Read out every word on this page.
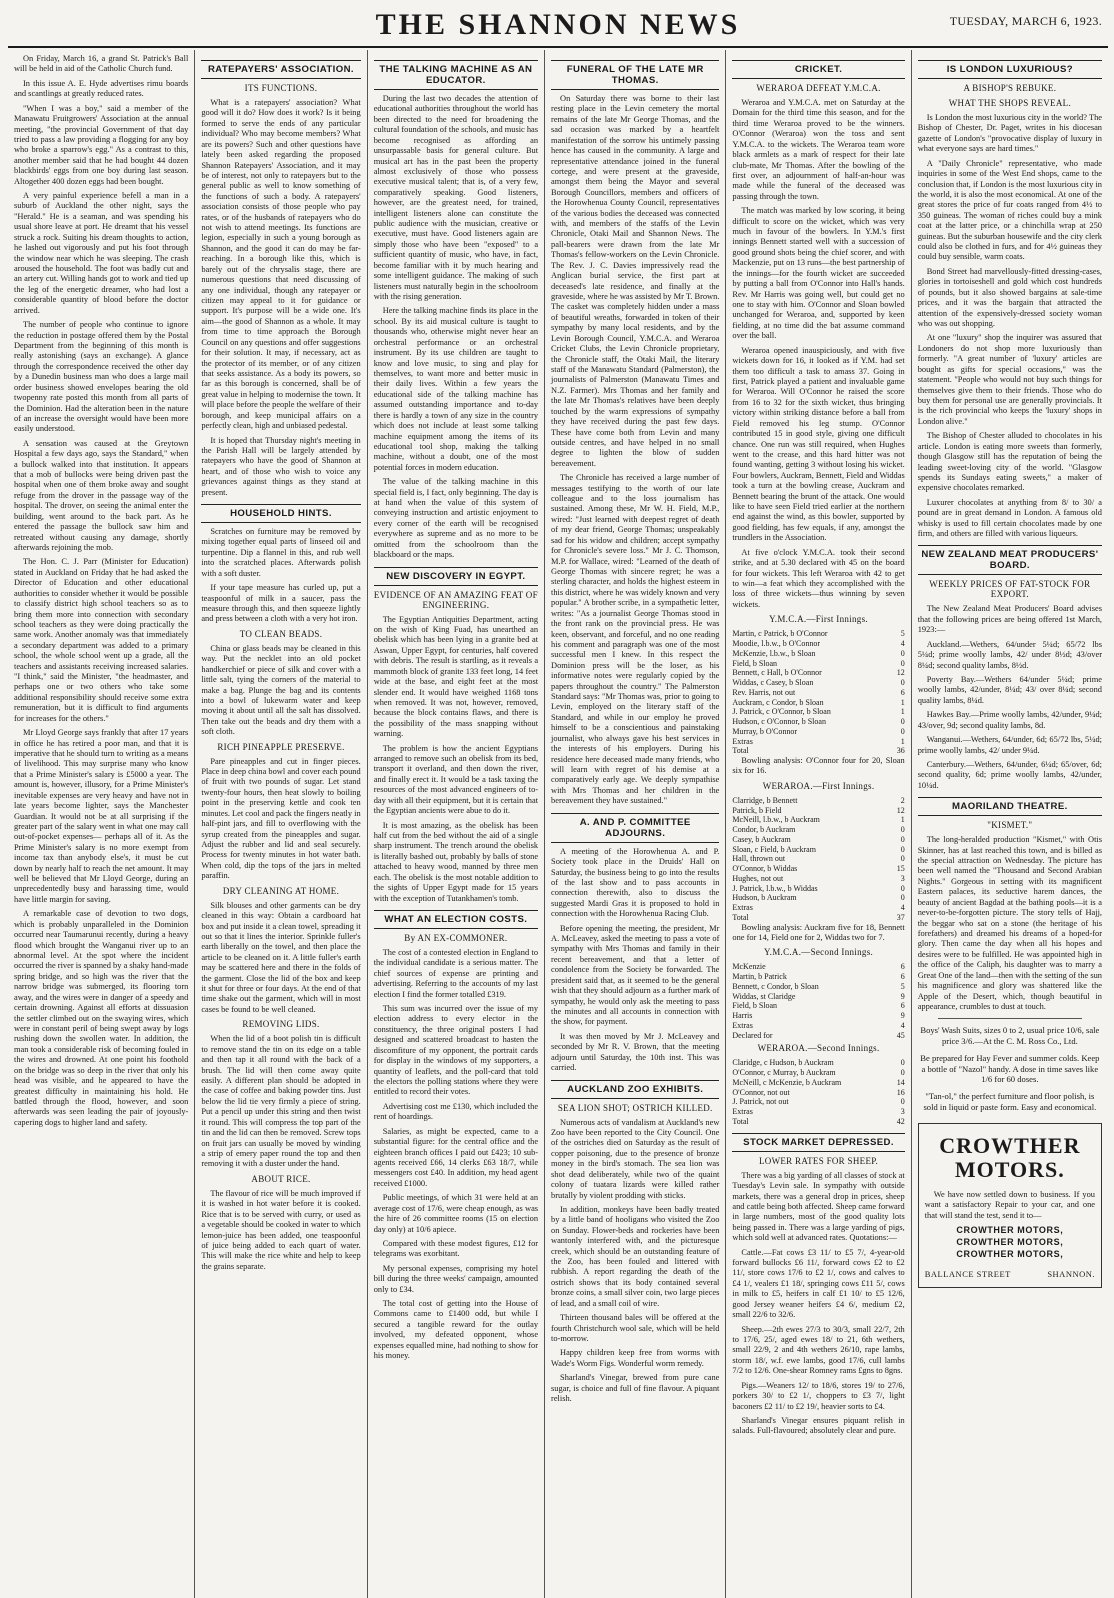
THE SHANNON NEWS	TUESDAY, MARCH 6, 1923.

On Friday, March 16, a grand St. Patrick's Ball will be held in aid of the Catholic Church fund.

In this issue A. E. Hyde advertises rimu boards and scantlings at greatly reduced rates.

"When I was a boy," said a member of the Manawatu Fruitgrowers' Association at the annual meeting, "the provincial Government of that day tried to pass a law providing a flogging for any boy who broke a sparrow's egg." As a contrast to this, another member said that he had bought 44 dozen blackbirds' eggs from one boy during last season. Altogether 400 dozen eggs had been bought.

A very painful experience befell a man in a suburb of Auckland the other night, says the "Herald." He is a seaman, and was spending his usual shore leave at port. He dreamt that his vessel struck a rock. Suiting his dream thoughts to action, he lashed out vigorously and put his foot through the window near which he was sleeping. The crash aroused the household. The foot was badly cut and an artery cut. Willing hands got to work and tied up the leg of the energetic dreamer, who had lost a considerable quantity of blood before the doctor arrived.

The number of people who continue to ignore the reduction in postage offered them by the Postal Department from the beginning of this month is really astonishing (says an exchange). A glance through the correspondence received the other day by a Dunedin business man who does a large mail order business showed envelopes bearing the old twopenny rate posted this month from all parts of the Dominion. Had the alteration been in the nature of an increase the oversight would have been more easily understood.

A sensation was caused at the Greytown Hospital a few days ago, says the Standard," when a bullock walked into that institution. It appears that a mob of bullocks were being driven past the hospital when one of them broke away and sought refuge from the drover in the passage way of the hospital. The drover, on seeing the animal enter the building, went around to the back part. As he entered the passage the bullock saw him and retreated without causing any damage, shortly afterwards rejoining the mob.

The Hon. C. J. Parr (Minister for Education) stated in Auckland on Friday that he had asked the Director of Education and other educational authorities to consider whether it would be possible to classify district high school teachers so as to bring them more into connection with secondary school teachers as they were doing practically the same work. Another anomaly was that immediately a secondary department was added to a primary school, the whole school went up a grade, all the teachers and assistants receiving increased salaries. "I think," said the Minister, "the headmaster, and perhaps one or two others who take some additional responsibility should receive some extra remuneration, but it is difficult to find arguments for increases for the others."

Mr Lloyd George says frankly that after 17 years in office he has retired a poor man, and that it is imperative that he should turn to writing as a means of livelihood. This may surprise many who know that a Prime Minister's salary is £5000 a year. The amount is, however, illusory, for a Prime Minister's inevitable expenses are very heavy and have not in late years become lighter, says the Manchester Guardian. It would not be at all surprising if the greater part of the salary went in what one may call out-of-pocket expenses— perhaps all of it. As the Prime Minister's salary is no more exempt from income tax than anybody else's, it must be cut down by nearly half to reach the net amount. It may well be believed that Mr Lloyd George, during an unprecedentedly busy and harassing time, would have little margin for saving.

A remarkable case of devotion to two dogs, which is probably unparalleled in the Dominion occurred near Taumarunui recently, during a heavy flood which brought the Wanganui river up to an abnormal level. At the spot where the incident occurred the river is spanned by a shaky hand-made spring bridge, and so high was the river that the narrow bridge was submerged, its flooring torn away, and the wires were in danger of a speedy and certain drowning. Against all efforts at dissuasion the settler climbed out on the swaying wires, which were in constant peril of being swept away by logs rushing down the swollen water. In addition, the man took a considerable risk of becoming fouled in the wires and drowned. At one point his foothold on the bridge was so deep in the river that only his head was visible, and he appeared to have the greatest difficulty in maintaining his hold. He battled through the flood, however, and soon afterwards was seen leading the pair of joyously-capering dogs to higher land and safety.

RATEPAYERS' ASSOCIATION.
ITS FUNCTIONS.

What is a ratepayers' association? What good will it do? How does it work? Is it being formed to serve the ends of any particular individual? Who may become members? What are its powers? Such and other questions have lately been asked regarding the proposed Shannon Ratepayers' Association, and it may be of interest, not only to ratepayers but to the general public as well to know something of the functions of such a body. A ratepayers' association consists of those people who pay rates, or of the husbands of ratepayers who do not wish to attend meetings. Its functions are legion, especially in such a young borough as Shannon, and the good it can do may be far-reaching. In a borough like this, which is barely out of the chrysalis stage, there are numerous questions that need discussing of any one individual, though any ratepayer or citizen may appeal to it for guidance or support. It's purpose will be a wide one. It's aim—the good of Shannon as a whole. It may from time to time approach the Borough Council on any questions and offer suggestions for their solution. It may, if necessary, act as the protector of its member, or of any citizen that seeks assistance. As a body its powers, so far as this borough is concerned, shall be of great value in helping to modernise the town. It will place before the people the welfare of their borough, and keep municipal affairs on a perfectly clean, high and unbiased pedestal.

It is hoped that Thursday night's meeting in the Parish Hall will be largely attended by ratepayers who have the good of Shannon at heart, and of those who wish to voice any grievances against things as they stand at present.

HOUSEHOLD HINTS.

Scratches on furniture may be removed by mixing together equal parts of linseed oil and turpentine. Dip a flannel in this, and rub well into the scratched places. Afterwards polish with a soft duster.

If your tape measure has curled up, put a teaspoonful of milk in a saucer, pass the measure through this, and then squeeze lightly and press between a cloth with a very hot iron.

TO CLEAN BEADS.

China or glass beads may be cleaned in this way. Put the necklet into an old pocket handkerchief or piece of silk and cover with a little salt, tying the corners of the material to make a bag. Plunge the bag and its contents into a bowl of lukewarm water and keep moving it about until all the salt has dissolved. Then take out the beads and dry them with a soft cloth.

RICH PINEAPPLE PRESERVE.

Pare pineapples and cut in finger pieces. Place in deep china bowl and cover each pound of fruit with two pounds of sugar. Let stand twenty-four hours, then heat slowly to boiling point in the preserving kettle and cook ten minutes. Let cool and pack the fingers neatly in half-pint jars, and fill to overflowing with the syrup created from the pineapples and sugar. Adjust the rubber and lid and seal securely. Process for twenty minutes in hot water bath. When cold, dip the tops of the jars in melted paraffin.

DRY CLEANING AT HOME.

Silk blouses and other garments can be dry cleaned in this way: Obtain a cardboard hat box and put inside it a clean towel, spreading it out so that it lines the interior. Sprinkle fuller's earth liberally on the towel, and then place the article to be cleaned on it. A little fuller's earth may be scattered here and there in the folds of the garment. Close the lid of the box and keep it shut for three or four days. At the end of that time shake out the garment, which will in most cases be found to be well cleaned.

REMOVING LIDS.

When the lid of a boot polish tin is difficult to remove stand the tin on its edge on a table and then tap it all round with the back of a brush. The lid will then come away quite easily. A different plan should be adopted in the case of coffee and baking powder tins. Just below the lid tie very firmly a piece of string. Put a pencil up under this string and then twist it round. This will compress the top part of the tin and the lid can then be removed. Screw tops on fruit jars can usually be moved by winding a strip of emery paper round the top and then removing it with a duster under the hand.

ABOUT RICE.

The flavour of rice will be much improved if it is washed in hot water before it is cooked. Rice that is to be served with curry, or used as a vegetable should be cooked in water to which lemon-juice has been added, one teaspoonful of juice being added to each quart of water. This will make the rice white and help to keep the grains separate.

THE TALKING MACHINE AS AN EDUCATOR.

During the last two decades the attention of educational authorities throughout the world has been directed to the need for broadening the cultural foundation of the schools, and music has become recognised as affording an unsurpassable basis for general culture. But musical art has in the past been the property almost exclusively of those who possess executive musical talent; that is, of a very few, comparatively speaking. Good listeners, however, are the greatest need, for trained, intelligent listeners alone can constitute the public audience with the musician, creative or executive, must have. Good listeners again are simply those who have been "exposed" to a sufficient quantity of music, who have, in fact, become familiar with it by much hearing and some intelligent guidance. The making of such listeners must naturally begin in the schoolroom with the rising generation.

Here the talking machine finds its place in the school. By its aid musical culture is taught to thousands who, otherwise might never hear an orchestral performance or an orchestral instrument. By its use children are taught to know and love music, to sing and play for themselves, to want more and better music in their daily lives. Within a few years the educational side of the talking machine has assumed outstanding importance and to-day there is hardly a town of any size in the country which does not include at least some talking machine equipment among the items of its educational tool shop, making the talking machine, without a doubt, one of the most potential forces in modern education.

The value of the talking machine in this special field is, I fact, only beginning. The day is at hand when the value of this system of conveying instruction and artistic enjoyment to every corner of the earth will be recognised everywhere as supreme and as no more to be omitted from the schoolroom than the blackboard or the maps.

NEW DISCOVERY IN EGYPT.
EVIDENCE OF AN AMAZING FEAT OF ENGINEERING.

The Egyptian Antiquities Department, acting on the wish of King Fuad, has unearthed an obelisk which has been lying in a granite bed at Aswan, Upper Egypt, for centuries, half covered with debris. The result is startling, as it reveals a mammoth block of granite 133 feet long, 14 feet wide at the base, and eight feet at the most slender end. It would have weighed 1168 tons when removed. It was not, however, removed, because the block contains flaws, and there is the possibility of the mass snapping without warning.

The problem is how the ancient Egyptians arranged to remove such an obelisk from its bed, transport it overland, and then down the river, and finally erect it. It would be a task taxing the resources of the most advanced engineers of to-day with all their equipment, but it is certain that the Egyptian ancients were abue to do it.

It is most amazing, as the obelisk has been half cut from the bed without the aid of a single sharp instrument. The trench around the obelisk is literally bashed out, probably by balls of stone attached to heavy wood, manned by three men each. The obelisk is the most notable addition to the sights of Upper Egypt made for 15 years with the exception of Tutankhamen's tomb.

WHAT AN ELECTION COSTS.
By AN EX-COMMONER.

The cost of a contested election in England to the individual candidate is a serious matter. The chief sources of expense are printing and advertising. Referring to the accounts of my last election I find the former totalled £319.

This sum was incurred over the issue of my election address to every elector in the constituency, the three original posters I had designed and scattered broadcast to hasten the discomfiture of my opponent, the portrait cards for display in the windows of my supporters, a quantity of leaflets, and the poll-card that told the electors the polling stations where they were entitled to record their votes.

Advertising cost me £130, which included the rent of hoardings.

Salaries, as might be expected, came to a substantial figure: for the central office and the eighteen branch offices I paid out £423; 10 sub-agents received £66, 14 clerks £63 18/7, while messengers cost £40. In addition, my head agent received £1000.

Public meetings, of which 31 were held at an average cost of 17/6, were cheap enough, as was the hire of 26 committee rooms (15 on election day only) at 10/6 apiece.

Compared with these modest figures, £12 for telegrams was exorbitant.

My personal expenses, comprising my hotel bill during the three weeks' campaign, amounted only to £34.

The total cost of getting into the House of Commons came to £1400 odd, but while I secured a tangible reward for the outlay involved, my defeated opponent, whose expenses equalled mine, had nothing to show for his money.

FUNERAL OF THE LATE MR THOMAS.

On Saturday there was borne to their last resting place in the Levin cemetery the mortal remains of the late Mr George Thomas, and the sad occasion was marked by a heartfelt manifestation of the sorrow his untimely passing hence has caused in the community. A large and representative attendance joined in the funeral cortege, and were present at the graveside, amongst them being the Mayor and several Borough Councillors, members and officers of the Horowhenua County Council, representatives of the various bodies the deceased was connected with, and members of the staffs of the Levin Chronicle, Otaki Mail and Shannon News. The pall-bearers were drawn from the late Mr Thomas's fellow-workers on the Levin Chronicle. The Rev. J. C. Davies impressively read the Anglican burial service, the first part at deceased's late residence, and finally at the graveside, where he was assisted by Mr T. Brown. The casket was completely hidden under a mass of beautiful wreaths, forwarded in token of their sympathy by many local residents, and by the Levin Borough Council, Y.M.C.A. and Weraroa Cricket Clubs, the Levin Chronicle proprietary, the Chronicle staff, the Otaki Mail, the literary staff of the Manawatu Standard (Palmerston), the journalists of Palmerston (Manawatu Times and N.Z. Farmer). Mrs Thomas and her family and the late Mr Thomas's relatives have been deeply touched by the warm expressions of sympathy they have received during the past few days. These have come both from Levin and many outside centres, and have helped in no small degree to lighten the blow of sudden bereavement.

The Chronicle has received a large number of messages testifying to the worth of our late colleague and to the loss journalism has sustained. Among these, Mr W. H. Field, M.P., wired: "Just learned with deepest regret of death of my dear friend, George Thomas; unspeakably sad for his widow and children; accept sympathy for Chronicle's severe loss." Mr J. C. Thomson, M.P. for Wallace, wired: "Learned of the death of George Thomas with sincere regret; he was a sterling character, and holds the highest esteem in this district, where he was widely known and very popular." A brother scribe, in a sympathetic letter, writes: "As a journalist George Thomas stood in the front rank on the provincial press. He was keen, observant, and forceful, and no one reading his comment and paragraph was one of the most successful men I knew. In this respect the Dominion press will be the loser, as his informative notes were regularly copied by the papers throughout the country." The Palmerston Standard says: "Mr Thomas was, prior to going to Levin, employed on the literary staff of the Standard, and while in our employ he proved himself to be a conscientious and painstaking journalist, who always gave his best services in the interests of his employers. During his residence here deceased made many friends, who will learn with regret of his demise at a comparatively early age. We deeply sympathise with Mrs Thomas and her children in the bereavement they have sustained."

A. AND P. COMMITTEE ADJOURNS.

A meeting of the Horowhenua A. and P. Society took place in the Druids' Hall on Saturday, the business being to go into the results of the last show and to pass accounts in connection therewith, also to discuss the suggested Mardi Gras it is proposed to hold in connection with the Horowhenua Racing Club.

Before opening the meeting, the president, Mr A. McLeavey, asked the meeting to pass a vote of sympathy with Mrs Thomas and family in their recent bereavement, and that a letter of condolence from the Society be forwarded. The president said that, as it seemed to be the general wish that they should adjourn as a further mark of sympathy, he would only ask the meeting to pass the minutes and all accounts in connection with the show, for payment.

It was then moved by Mr J. McLeavey and seconded by Mr R. V. Brown, that the meeting adjourn until Saturday, the 10th inst. This was carried.

AUCKLAND ZOO EXHIBITS.
SEA LION SHOT; OSTRICH KILLED.

Numerous acts of vandalism at Auckland's new Zoo have been reported to the City Council. One of the ostriches died on Saturday as the result of copper poisoning, due to the presence of bronze money in the bird's stomach. The sea lion was shot dead deliberately, while two of the quaint colony of tuatara lizards were killed rather brutally by violent prodding with sticks.

In addition, monkeys have been badly treated by a little band of hooligans who visited the Zoo on Sunday. Flower-beds and rockeries have been wantonly interfered with, and the picturesque creek, which should be an outstanding feature of the Zoo, has been fouled and littered with rubbish. A report regarding the death of the ostrich shows that its body contained several bronze coins, a small silver coin, two large pieces of lead, and a small coil of wire.

Thirteen thousand bales will be offered at the fourth Christchurch wool sale, which will be held to-morrow.

Happy children keep free from worms with Wade's Worm Figs. Wonderful worm remedy.

Sharland's Vinegar, brewed from pure cane sugar, is choice and full of fine flavour. A piquant relish.

CRICKET.
WERAROA DEFEAT Y.M.C.A.

Weraroa and Y.M.C.A. met on Saturday at the Domain for the third time this season, and for the third time Weraroa proved to be the winners. O'Connor (Weraroa) won the toss and sent Y.M.C.A. to the wickets. The Weraroa team wore black armlets as a mark of respect for their late club-mate, Mr Thomas. After the bowling of the first over, an adjournment of half-an-hour was made while the funeral of the deceased was passing through the town.

The match was marked by low scoring, it being difficult to score on the wicket, which was very much in favour of the bowlers. In Y.M.'s first innings Bennett started well with a succession of good ground shots being the chief scorer, and with Mackenzie, put on 13 runs—the best partnership of the innings—for the fourth wicket are succeeded by putting a ball from O'Connor into Hall's hands. Rev. Mr Harris was going well, but could get no one to stay with him. O'Connor and Sloan bowled unchanged for Weraroa, and, supported by keen fielding, at no time did the bat assume command over the ball.

Weraroa opened inauspiciously, and with five wickets down for 16, it looked as if Y.M. had set them too difficult a task to amass 37. Going in first, Patrick played a patient and invaluable game for Weraroa. Will O'Connor he raised the score from 16 to 32 for the sixth wicket, thus bringing victory within striking distance before a ball from Field removed his leg stump. O'Connor contributed 15 in good style, giving one difficult chance. One run was still required, when Hughes went to the crease, and this hard hitter was not found wanting, getting 3 without losing his wicket. Four bowlers, Auckram, Bennett, Field and Widdas took a turn at the bowling crease, Auckram and Bennett bearing the brunt of the attack. One would like to have seen Field tried earlier at the northern end against the wind, as this bowler, supported by good fielding, has few equals, if any, amongst the trundlers in the Association.

At five o'clock Y.M.C.A. took their second strike, and at 5.30 declared with 45 on the board for four wickets. This left Weraroa with 42 to get to win—a feat which they accomplished with the loss of three wickets—thus winning by seven wickets.

Y.M.C.A.—First Innings.
Martin, c Patrick, b O'Connor	5
Moodie, l.b.w., b O'Connor	4
McKenzie, l.b.w., b Sloan	0
Field, b Sloan	0
Bennett, c Hall, b O'Connor	12
Widdas, c Casey, b Sloan	0
Rev. Harris, not out	6
Auckram, c Condor, b Sloan	1
J. Patrick, c O'Connor, b Sloan	1
Hudson, c O'Connor, b Sloan	0
Murray, b O'Connor	0
Extras	1
Total	36

Bowling analysis: O'Connor four for 20, Sloan six for 16.

WERAROA.—First Innings.
Clarridge, b Bennett	2
Patrick, b Field	12
McNeill, l.b.w., b Auckram	1
Condor, b Auckram	0
Casey, b Auckram	0
Sloan, c Field, b Auckram	0
Hall, thrown out	0
O'Connor, b Widdas	15
Hughes, not out	3
J. Patrick, l.b.w., b Widdas	0
Hudson, b Auckram	0
Extras	4
Total	37

Bowling analysis: Auckram five for 18, Bennett one for 14, Field one for 2, Widdas two for 7.

Y.M.C.A.—Second Innings.
McKenzie	6
Martin, b Patrick	6
Bennett, c Condor, b Sloan	5
Widdas, st Claridge	9
Field, b Sloan	6
Harris	9
Extras	4
Declared for	45
WERAROA.—Second Innings.
Claridge, c Hudson, b Auckram	0
O'Connor, c Murray, b Auckram	0
McNeill, c McKenzie, b Auckram	14
O'Connor, not out	16
J. Patrick, not out	0
Extras	3
Total	42
STOCK MARKET DEPRESSED.
LOWER RATES FOR SHEEP.

There was a big yarding of all classes of stock at Tuesday's Levin sale. In sympathy with outside markets, there was a general drop in prices, sheep and cattle being both affected. Sheep came forward in large numbers, most of the good quality lots being passed in. There was a large yarding of pigs, which sold well at advanced rates. Quotations:—

Cattle.—Fat cows £3 11/ to £5 7/, 4-year-old forward bullocks £6 11/, forward cows £2 to £2 11/, store cows 17/6 to £2 1/, cows and calves to £4 1/, vealers £1 18/, springing cows £11 5/, cows in milk to £5, heifers in calf £1 10/ to £5 12/6, good Jersey weaner heifers £4 6/, medium £2, small 22/6 to 32/6.

Sheep.—2th ewes 27/3 to 30/3, small 22/7, 2th to 17/6, 25/, aged ewes 18/ to 21, 6th wethers, small 22/9, 2 and 4th wethers 26/10, rape lambs, storm 18/, w.f. ewe lambs, good 17/6, cull lambs 7/2 to 12/6. One-shear Romney rams £gns to 8gns.

Pigs.—Weaners 12/ to 18/6, stores 19/ to 27/6, porkers 30/ to £2 1/, choppers to £3 7/, light baconers £2 11/ to £2 19/, heavier sorts to £4.

Sharland's Vinegar ensures piquant relish in salads. Full-flavoured; absolutely clear and pure.

IS LONDON LUXURIOUS?
A BISHOP'S REBUKE.
WHAT THE SHOPS REVEAL.

Is London the most luxurious city in the world? The Bishop of Chester, Dr. Paget, writes in his diocesan gazette of London's "provocative display of luxury in what everyone says are hard times."

A "Daily Chronicle" representative, who made inquiries in some of the West End shops, came to the conclusion that, if London is the most luxurious city in the world, it is also the most economical. At one of the great stores the price of fur coats ranged from 4½ to 350 guineas. The woman of riches could buy a mink coat at the latter price, or a chinchilla wrap at 250 guineas. But the suburban housewife and the city clerk could also be clothed in furs, and for 4½ guineas they could buy sensible, warm coats.

Bond Street had marvellously-fitted dressing-cases, glories in tortoiseshell and gold which cost hundreds of pounds, but it also showed bargains at sale-time prices, and it was the bargain that attracted the attention of the expensively-dressed society woman who was out shopping.

At one "luxury" shop the inquirer was assured that Londoners do not shop more luxuriously than formerly. "A great number of 'luxury' articles are bought as gifts for special occasions," was the statement. "People who would not buy such things for themselves give them to their friends. Those who do buy them for personal use are generally provincials. It is the rich provincial who keeps the 'luxury' shops in London alive."

The Bishop of Chester alluded to chocolates in his article. London is eating more sweets than formerly, though Glasgow still has the reputation of being the leading sweet-loving city of the world. "Glasgow spends its Sundays eating sweets," a maker of expensive chocolates remarked.

Luxurer chocolates at anything from 8/ to 30/ a pound are in great demand in London. A famous old whisky is used to fill certain chocolates made by one firm, and others are filled with various liqueurs.

NEW ZEALAND MEAT PRODUCERS' BOARD.
WEEKLY PRICES OF FAT-STOCK FOR EXPORT.

The New Zealand Meat Producers' Board advises that the following prices are being offered 1st March, 1923:—

Auckland.—Wethers, 64/under 5¼d; 65/72 lbs 5¼d; prime woolly lambs, 42/ under 8½d; 43/over 8¼d; second quality lambs, 8½d.

Poverty Bay.—Wethers 64/under 5¼d; prime woolly lambs, 42/under, 8¼d; 43/ over 8¼d; second quality lambs, 8¼d.

Hawkes Bay.—Prime woolly lambs, 42/under, 9¼d; 43/over, 9d; second quality lambs, 8d.

Wanganui.—Wethers, 64/under, 6d; 65/72 lbs, 5¼d; prime woolly lambs, 42/ under 9¼d.

Canterbury.—Wethers, 64/under, 6¼d; 65/over, 6d; second quality, 6d; prime woolly lambs, 42/under, 10¼d.

MAORILAND THEATRE.
"KISMET."

The long-heralded production "Kismet," with Otis Skinner, has at last reached this town, and is billed as the special attraction on Wednesday. The picture has been well named the "Thousand and Second Arabian Nights." Gorgeous in setting with its magnificent Eastern palaces, its seductive harem dances, the beauty of ancient Bagdad at the bathing pools—it is a never-to-be-forgotten picture. The story tells of Hajj, the beggar who sat on a stone (the heritage of his forefathers) and dreamed his dreams of a hoped-for glory. Then came the day when all his hopes and desires were to be fulfilled. He was appointed high in the office of the Caliph, his daughter was to marry a Great One of the land—then with the setting of the sun his magnificence and glory was shattered like the Apple of the Desert, which, though beautiful in appearance, crumbles to dust at touch.

Boys' Wash Suits, sizes 0 to 2, usual price 10/6, sale price 3/6.—At the C. M. Ross Co., Ltd.
Be prepared for Hay Fever and summer colds. Keep a bottle of "Nazol" handy. A dose in time saves like 1/6 for 60 doses.
"Tan-ol," the perfect furniture and floor polish, is sold in liquid or paste form. Easy and economical.
CROWTHER MOTORS.

We have now settled down to business. If you want a satisfactory Repair to your car, and one that will stand the test, send it to—

CROWTHER MOTORS,
CROWTHER MOTORS,
CROWTHER MOTORS,
BALLANCE STREET	SHANNON.
